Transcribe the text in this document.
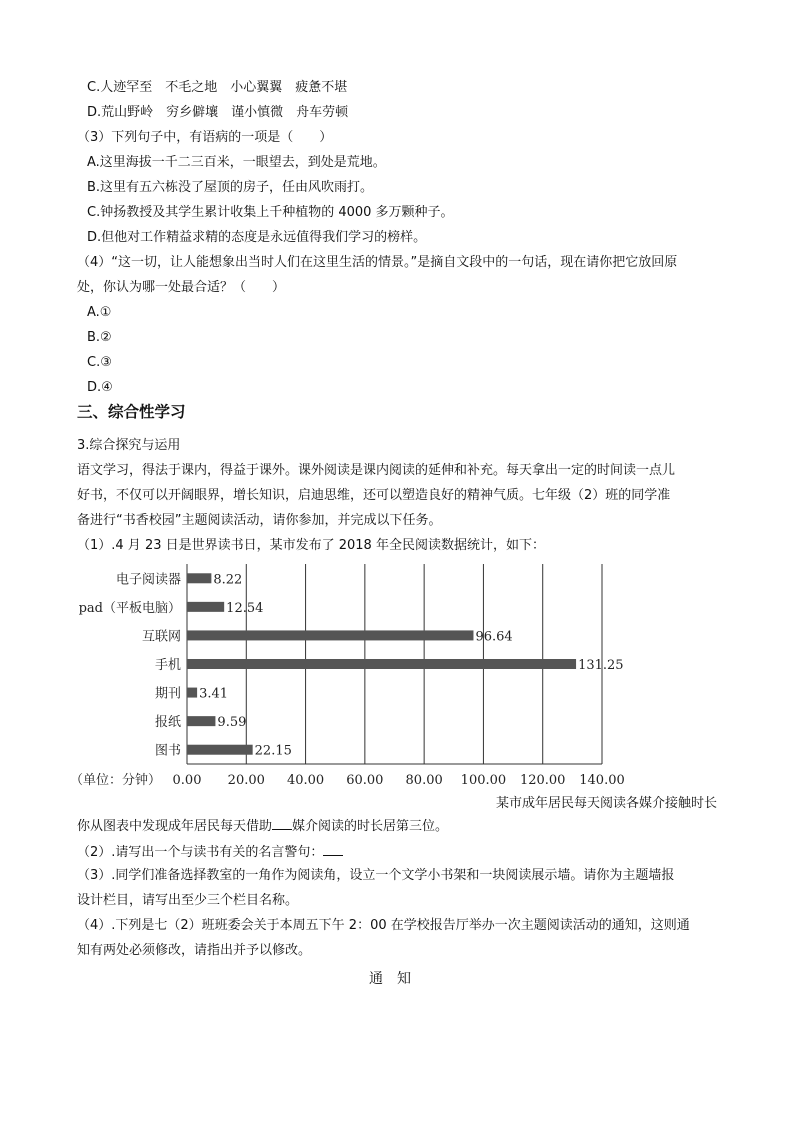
C.人迹罕至　不毛之地　小心翼翼　疲惫不堪
D.荒山野岭　穷乡僻壤　谨小慎微　舟车劳顿
（3）下列句子中，有语病的一项是（　　）
A.这里海拔一千二三百米，一眼望去，到处是荒地。
B.这里有五六栋没了屋顶的房子，任由风吹雨打。
C.钟扬教授及其学生累计收集上千种植物的 4000 多万颗种子。
D.但他对工作精益求精的态度是永远值得我们学习的榜样。
（4）“这一切，让人能想象出当时人们在这里生活的情景。”是摘自文段中的一句话，现在请你把它放回原
处，你认为哪一处最合适？（　　）
A.①
B.②
C.③
D.④
三、综合性学习
3.综合探究与运用
语文学习，得法于课内，得益于课外。课外阅读是课内阅读的延伸和补充。每天拿出一定的时间读一点儿
好书，不仅可以开阔眼界，增长知识，启迪思维，还可以塑造良好的精神气质。七年级（2）班的同学准
备进行“书香校园”主题阅读活动，请你参加，并完成以下任务。
（1）.4 月 23 日是世界读书日，某市发布了 2018 年全民阅读数据统计，如下：
电子阅读器
pad（平板电脑）
互联网
手机
期刊
报纸
图书
8.22
12.54
96.64
131.25
3.41
9.59
22.15
0.00 20.00 40.00 60.00 80.00 100.00 120.00 140.00
（单位：分钟）
某市成年居民每天阅读各媒介接触时长
你从图表中发现成年居民每天借助 媒介阅读的时长居第三位。
（2）.请写出一个与读书有关的名言警句：
（3）.同学们准备选择教室的一角作为阅读角，设立一个文学小书架和一块阅读展示墙。请你为主题墙报
设计栏目，请写出至少三个栏目名称。
（4）.下列是七（2）班班委会关于本周五下午 2：00 在学校报告厅举办一次主题阅读活动的通知，这则通
知有两处必须修改，请指出并予以修改。
通知
